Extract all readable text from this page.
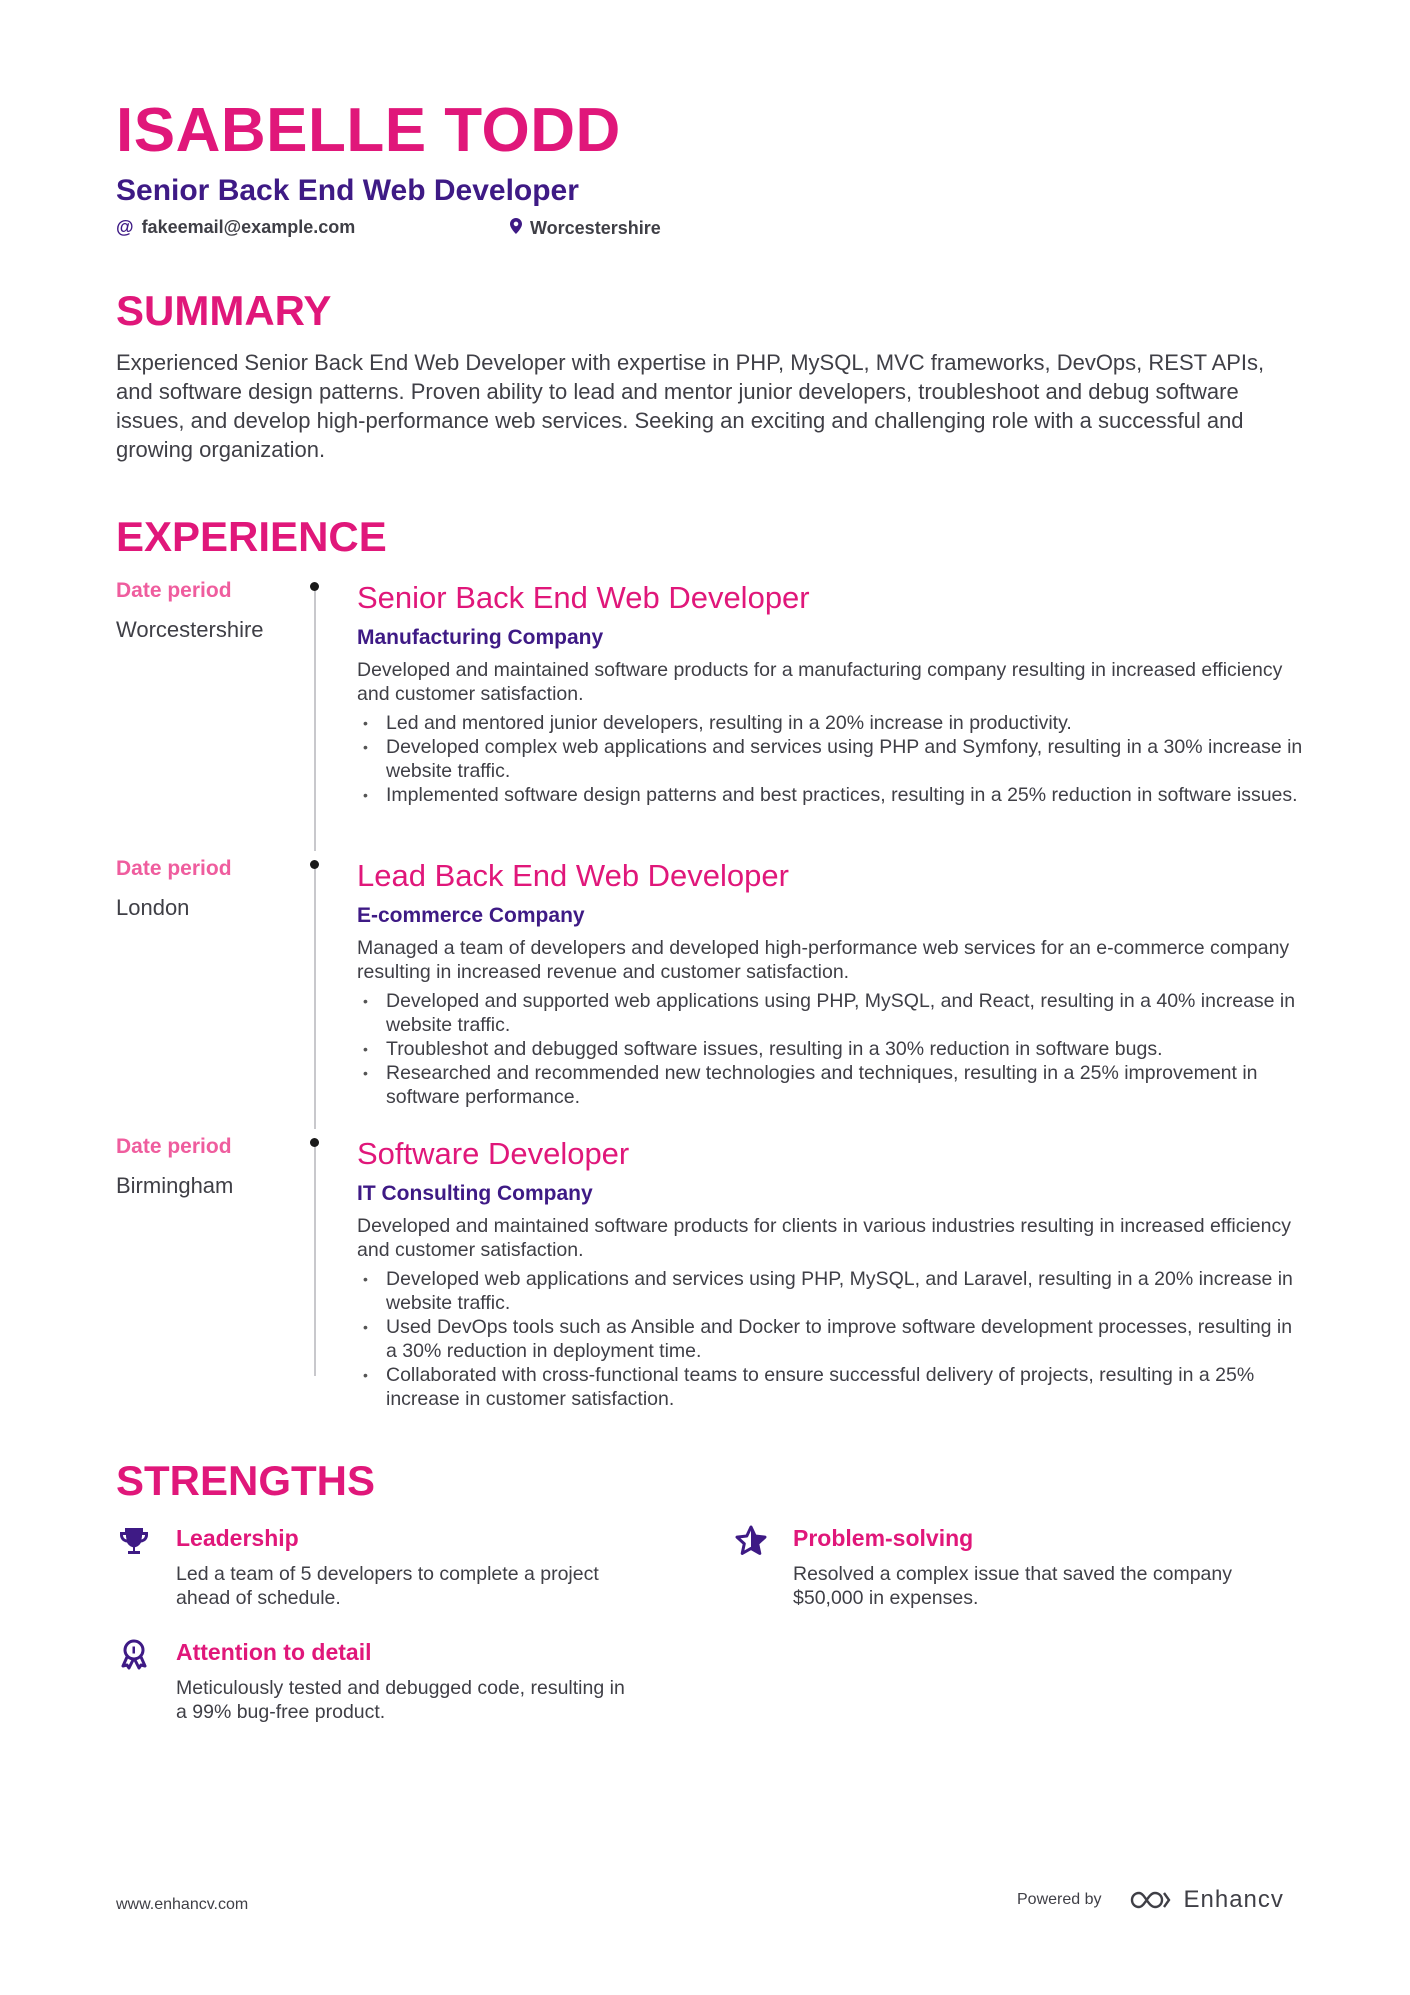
ISABELLE TODD
Senior Back End Web Developer
@ fakeemail@example.com	Worcestershire
SUMMARY
Experienced Senior Back End Web Developer with expertise in PHP, MySQL, MVC frameworks, DevOps, REST APIs, and software design patterns. Proven ability to lead and mentor junior developers, troubleshoot and debug software issues, and develop high-performance web services. Seeking an exciting and challenging role with a successful and growing organization.
EXPERIENCE
Date period
Worcestershire
Senior Back End Web Developer
Manufacturing Company
Developed and maintained software products for a manufacturing company resulting in increased efficiency and customer satisfaction.
• Led and mentored junior developers, resulting in a 20% increase in productivity.
• Developed complex web applications and services using PHP and Symfony, resulting in a 30% increase in website traffic.
• Implemented software design patterns and best practices, resulting in a 25% reduction in software issues.
Date period
London
Lead Back End Web Developer
E-commerce Company
Managed a team of developers and developed high-performance web services for an e-commerce company resulting in increased revenue and customer satisfaction.
• Developed and supported web applications using PHP, MySQL, and React, resulting in a 40% increase in website traffic.
• Troubleshot and debugged software issues, resulting in a 30% reduction in software bugs.
• Researched and recommended new technologies and techniques, resulting in a 25% improvement in software performance.
Date period
Birmingham
Software Developer
IT Consulting Company
Developed and maintained software products for clients in various industries resulting in increased efficiency and customer satisfaction.
• Developed web applications and services using PHP, MySQL, and Laravel, resulting in a 20% increase in website traffic.
• Used DevOps tools such as Ansible and Docker to improve software development processes, resulting in a 30% reduction in deployment time.
• Collaborated with cross-functional teams to ensure successful delivery of projects, resulting in a 25% increase in customer satisfaction.
STRENGTHS
Leadership
Led a team of 5 developers to complete a project ahead of schedule.
Problem-solving
Resolved a complex issue that saved the company $50,000 in expenses.
Attention to detail
Meticulously tested and debugged code, resulting in a 99% bug-free product.
www.enhancv.com	Powered by	Enhancv
